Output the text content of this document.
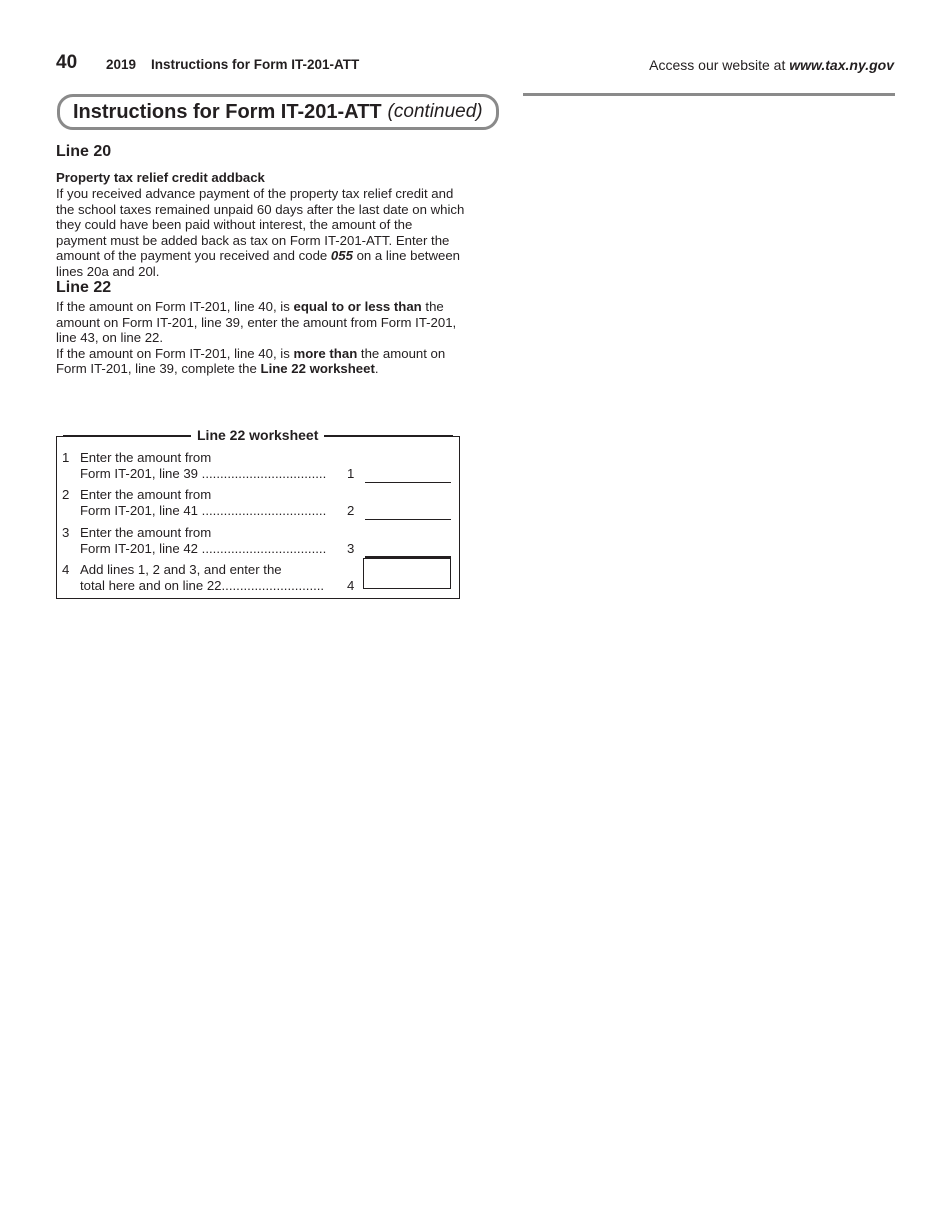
40 2019 Instructions for Form IT-201-ATT	Access our website at www.tax.ny.gov
Instructions for Form IT-201-ATT (continued)
Line 20
Property tax relief credit addback

If you received advance payment of the property tax relief credit and the school taxes remained unpaid 60 days after the last date on which they could have been paid without interest, the amount of the payment must be added back as tax on Form IT-201-ATT. Enter the amount of the payment you received and code 055 on a line between lines 20a and 20l.

Line 22

If the amount on Form IT-201, line 40, is equal to or less than the amount on Form IT-201, line 39, enter the amount from Form IT-201, line 43, on line 22.

If the amount on Form IT-201, line 40, is more than the amount on Form IT-201, line 39, complete the Line 22 worksheet.

Line 22 worksheet
1 Enter the amount from
Form IT-201, line 39 .................................. 1
2 Enter the amount from
Form IT-201, line 41 .................................. 2
3 Enter the amount from
Form IT-201, line 42 .................................. 3
4 Add lines 1, 2 and 3, and enter the
total here and on line 22............................ 4
